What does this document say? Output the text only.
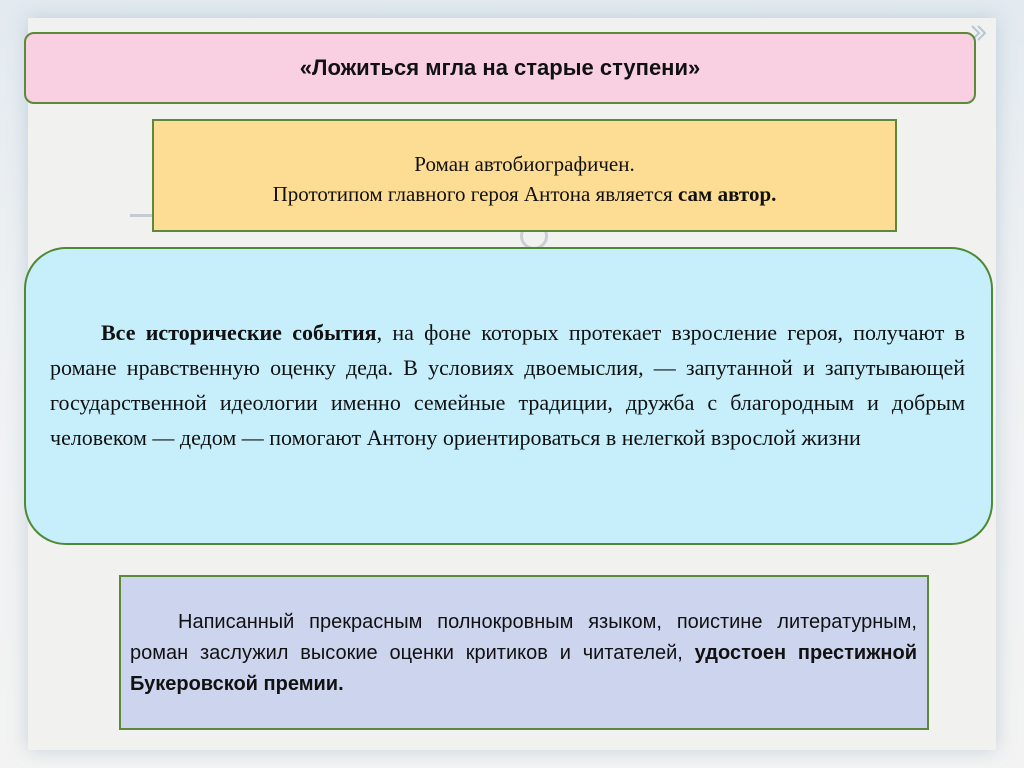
«Ложиться мгла на старые ступени»
Роман автобиографичен.
Прототипом главного героя Антона является сам автор.

Все исторические события, на фоне которых протекает взросление героя, получают в романе нравственную оценку деда. В условиях двоемыслия, — запутанной и запутывающей государственной идеологии именно семейные традиции, дружба с благородным и добрым человеком — дедом — помогают Антону ориентироваться в нелегкой взрослой жизни

Написанный прекрасным полнокровным языком, поистине литературным, роман заслужил высокие оценки критиков и читателей, удостоен престижной Букеровской премии.
